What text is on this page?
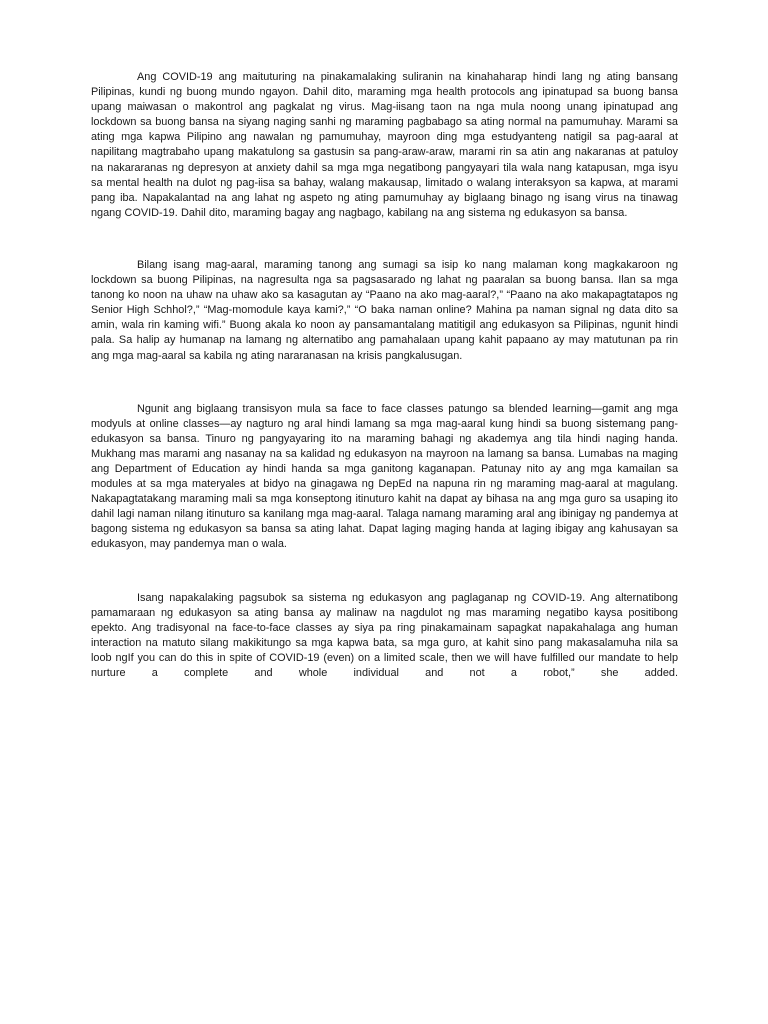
Ang COVID-19 ang maituturing na pinakamalaking suliranin na kinahaharap hindi lang ng ating bansang Pilipinas, kundi ng buong mundo ngayon. Dahil dito, maraming mga health protocols ang ipinatupad sa buong bansa upang maiwasan o makontrol ang pagkalat ng virus. Mag-iisang taon na nga mula noong unang ipinatupad ang lockdown sa buong bansa na siyang naging sanhi ng maraming pagbabago sa ating normal na pamumuhay. Marami sa ating mga kapwa Pilipino ang nawalan ng pamumuhay, mayroon ding mga estudyanteng natigil sa pag-aaral at napilitang magtrabaho upang makatulong sa gastusin sa pang-araw-araw, marami rin sa atin ang nakaranas at patuloy na nakararanas ng depresyon at anxiety dahil sa mga mga negatibong pangyayari tila wala nang katapusan, mga isyu sa mental health na dulot ng pag-iisa sa bahay, walang makausap, limitado o walang interaksyon sa kapwa, at marami pang iba. Napakalantad na ang lahat ng aspeto ng ating pamumuhay ay biglaang binago ng isang virus na tinawag ngang COVID-19. Dahil dito, maraming bagay ang nagbago, kabilang na ang sistema ng edukasyon sa bansa.

Bilang isang mag-aaral, maraming tanong ang sumagi sa isip ko nang malaman kong magkakaroon ng lockdown sa buong Pilipinas, na nagresulta nga sa pagsasarado ng lahat ng paaralan sa buong bansa. Ilan sa mga tanong ko noon na uhaw na uhaw ako sa kasagutan ay “Paano na ako mag-aaral?,” “Paano na ako makapagtatapos ng Senior High Schhol?,” “Mag-momodule kaya kami?,” “O baka naman online? Mahina pa naman signal ng data dito sa amin, wala rin kaming wifi.” Buong akala ko noon ay pansamantalang matitigil ang edukasyon sa Pilipinas, ngunit hindi pala. Sa halip ay humanap na lamang ng alternatibo ang pamahalaan upang kahit papaano ay may matutunan pa rin ang mga mag-aaral sa kabila ng ating nararanasan na krisis pangkalusugan.

Ngunit ang biglaang transisyon mula sa face to face classes patungo sa blended learning—gamit ang mga modyuls at online classes—ay nagturo ng aral hindi lamang sa mga mag-aaral kung hindi sa buong sistemang pang-edukasyon sa bansa. Tinuro ng pangyayaring ito na maraming bahagi ng akademya ang tila hindi naging handa. Mukhang mas marami ang nasanay na sa kalidad ng edukasyon na mayroon na lamang sa bansa. Lumabas na maging ang Department of Education ay hindi handa sa mga ganitong kaganapan. Patunay nito ay ang mga kamailan sa modules at sa mga materyales at bidyo na ginagawa ng DepEd na napuna rin ng maraming mag-aaral at magulang. Nakapagtatakang maraming mali sa mga konseptong itinuturo kahit na dapat ay bihasa na ang mga guro sa usaping ito dahil lagi naman nilang itinuturo sa kanilang mga mag-aaral. Talaga namang maraming aral ang ibinigay ng pandemya at bagong sistema ng edukasyon sa bansa sa ating lahat. Dapat laging maging handa at laging ibigay ang kahusayan sa edukasyon, may pandemya man o wala.

Isang napakalaking pagsubok sa sistema ng edukasyon ang paglaganap ng COVID-19. Ang alternatibong pamamaraan ng edukasyon sa ating bansa ay malinaw na nagdulot ng mas maraming negatibo kaysa positibong epekto. Ang tradisyonal na face-to-face classes ay siya pa ring pinakamainam sapagkat napakahalaga ang human interaction na matuto silang makikitungo sa mga kapwa bata, sa mga guro, at kahit sino pang makasalamuha nila sa loob ngIf you can do this in spite of COVID-19 (even) on a limited scale, then we will have fulfilled our mandate to help nurture a complete and whole individual and not a robot,” she added.
